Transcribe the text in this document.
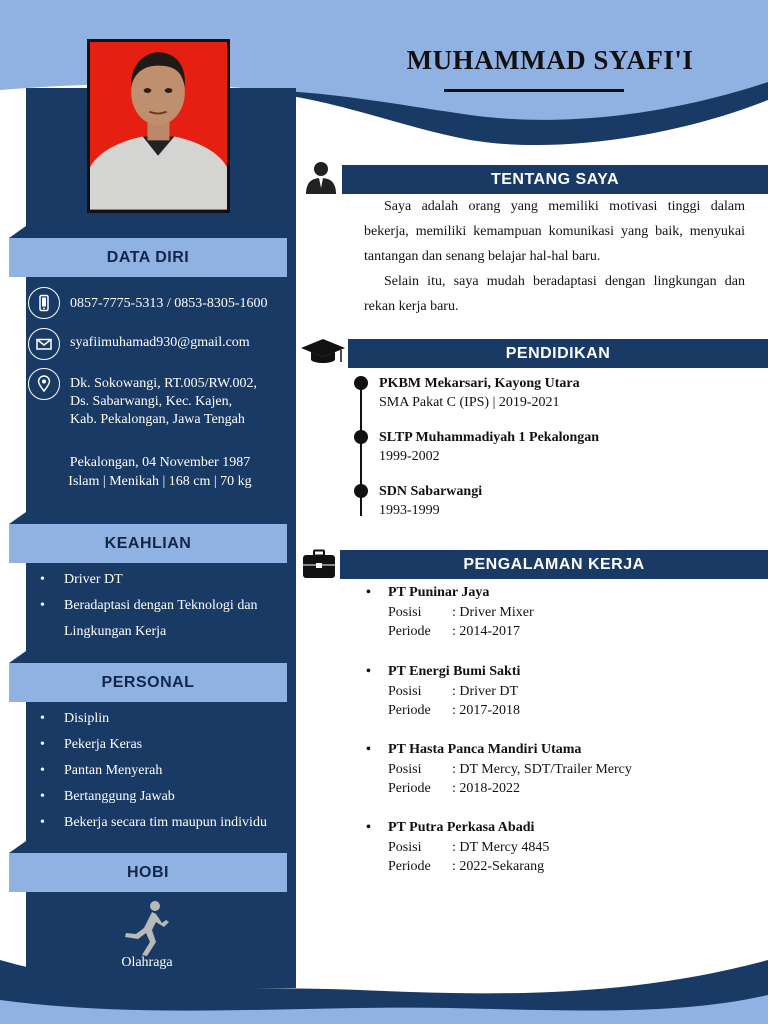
MUHAMMAD SYAFI'I
DATA DIRI
0857-7775-5313 / 0853-8305-1600
syafiimuhamad930@gmail.com
Dk. Sokowangi, RT.005/RW.002,
Ds. Sabarwangi, Kec. Kajen,
Kab. Pekalongan, Jawa Tengah
Pekalongan, 04 November 1987
Islam | Menikah | 168 cm | 70 kg
KEAHLIAN
• Driver DT
• Beradaptasi dengan Teknologi dan Lingkungan Kerja
PERSONAL
• Disiplin
• Pekerja Keras
• Pantan Menyerah
• Bertanggung Jawab
• Bekerja secara tim maupun individu
HOBI
Olahraga
TENTANG SAYA

Saya adalah orang yang memiliki motivasi tinggi dalam bekerja, memiliki kemampuan komunikasi yang baik, menyukai tantangan dan senang belajar hal-hal baru.

Selain itu, saya mudah beradaptasi dengan lingkungan dan rekan kerja baru.

PENDIDIKAN
PKBM Mekarsari, Kayong Utara
SMA Pakat C (IPS) | 2019-2021
SLTP Muhammadiyah 1 Pekalongan
1999-2002
SDN Sabarwangi
1993-1999
PENGALAMAN KERJA
• PT Puninar Jaya
Posisi	: Driver Mixer
Periode	: 2014-2017
• PT Energi Bumi Sakti
Posisi	: Driver DT
Periode	: 2017-2018
• PT Hasta Panca Mandiri Utama
Posisi	: DT Mercy, SDT/Trailer Mercy
Periode	: 2018-2022
• PT Putra Perkasa Abadi
Posisi	: DT Mercy 4845
Periode	: 2022-Sekarang
